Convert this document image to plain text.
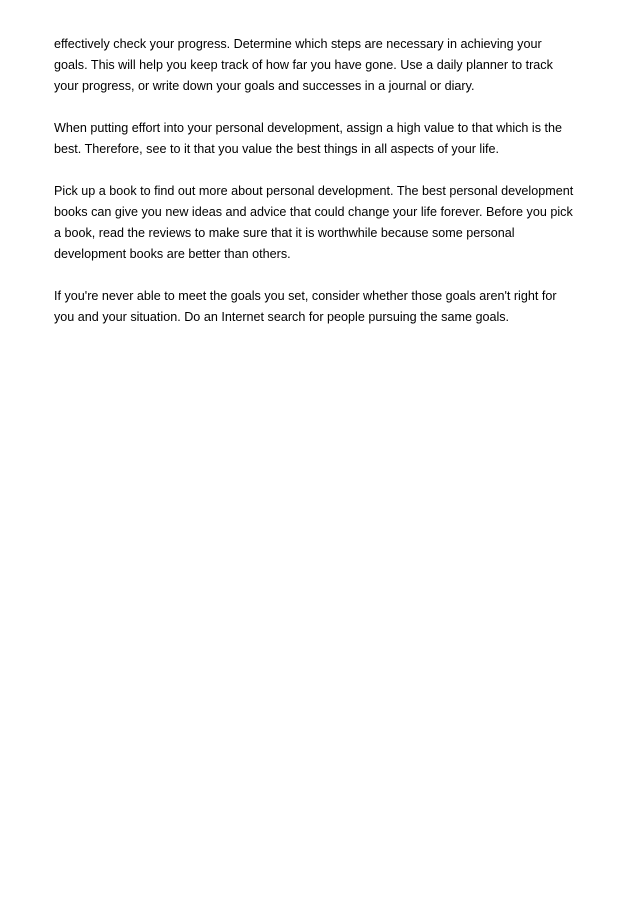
effectively check your progress. Determine which steps are necessary in achieving your
goals. This will help you keep track of how far you have gone. Use a daily planner to track
your progress, or write down your goals and successes in a journal or diary.

When putting effort into your personal development, assign a high value to that which is the
best. Therefore, see to it that you value the best things in all aspects of your life.

Pick up a book to find out more about personal development. The best personal development
books can give you new ideas and advice that could change your life forever. Before you pick
a book, read the reviews to make sure that it is worthwhile because some personal
development books are better than others.

If you're never able to meet the goals you set, consider whether those goals aren't right for
you and your situation. Do an Internet search for people pursuing the same goals.
